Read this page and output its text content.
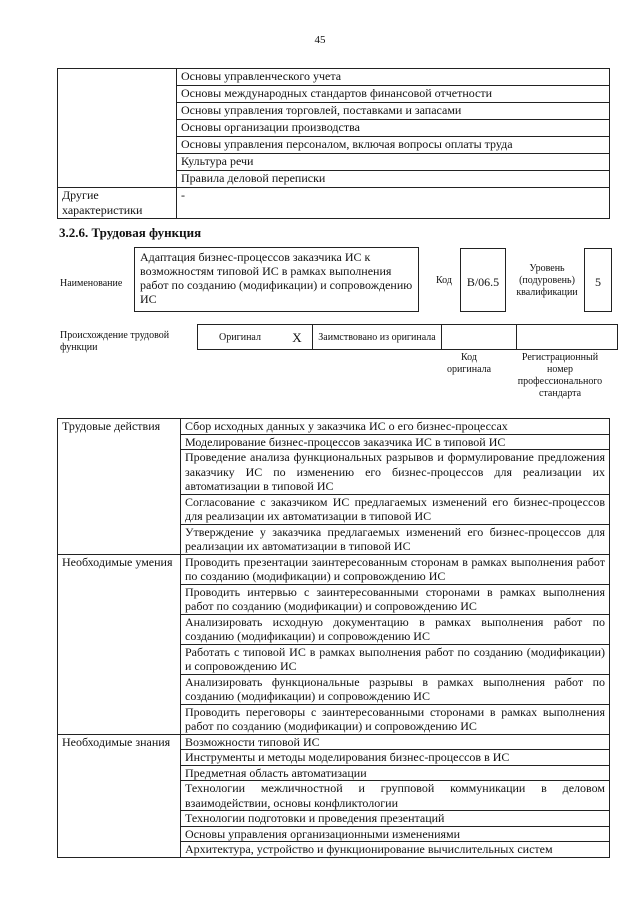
45
	Основы управленческого учета
	Основы международных стандартов финансовой отчетности
	Основы управления торговлей, поставками и запасами
	Основы организации производства
	Основы управления персоналом, включая вопросы оплаты труда
	Культура речи
	Правила деловой переписки
Другие характеристики	-
3.2.6. Трудовая функция
Наименование
Адаптация бизнес-процессов заказчика ИС к возможностям типовой ИС в рамках выполнения работ по созданию (модификации) и сопровождению ИС
Код	B/06.5
Уровень (подуровень) квалификации
5
Происхождение трудовой функции
Оригинал	X	Заимствовано из оригинала		
Код оригинала
Регистрационный номер профессионального стандарта
Трудовые действия	Сбор исходных данных у заказчика ИС о его бизнес-процессах
	Моделирование бизнес-процессов заказчика ИС в типовой ИС
	Проведение анализа функциональных разрывов и формулирование предложения заказчику ИС по изменению его бизнес-процессов для реализации их автоматизации в типовой ИС
	Согласование с заказчиком ИС предлагаемых изменений его бизнес-процессов для реализации их автоматизации в типовой ИС
	Утверждение у заказчика предлагаемых изменений его бизнес-процессов для реализации их автоматизации в типовой ИС
Необходимые умения	Проводить презентации заинтересованным сторонам в рамках выполнения работ по созданию (модификации) и сопровождению ИС
	Проводить интервью с заинтересованными сторонами в рамках выполнения работ по созданию (модификации) и сопровождению ИС
	Анализировать исходную документацию в рамках выполнения работ по созданию (модификации) и сопровождению ИС
	Работать с типовой ИС в рамках выполнения работ по созданию (модификации) и сопровождению ИС
	Анализировать функциональные разрывы в рамках выполнения работ по созданию (модификации) и сопровождению ИС
	Проводить переговоры с заинтересованными сторонами в рамках выполнения работ по созданию (модификации) и сопровождению ИС
Необходимые знания	Возможности типовой ИС
	Инструменты и методы моделирования бизнес-процессов в ИС
	Предметная область автоматизации
	Технологии межличностной и групповой коммуникации в деловом взаимодействии, основы конфликтологии
	Технологии подготовки и проведения презентаций
	Основы управления организационными изменениями
	Архитектура, устройство и функционирование вычислительных систем
